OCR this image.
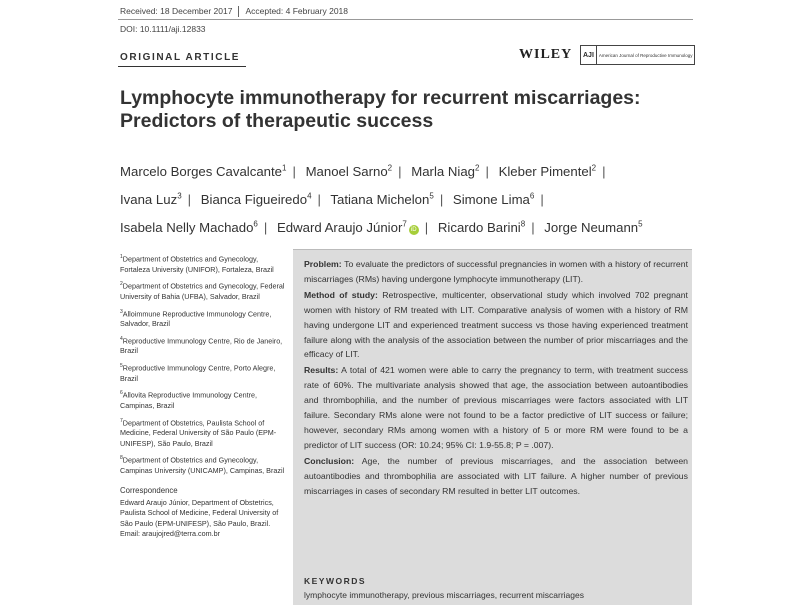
Received: 18 December 2017 Accepted: 4 February 2018
DOI: 10.1111/aji.12833
ORIGINAL ARTICLE	WILEY AJI	American Journal of Reproductive Immunology
Lymphocyte immunotherapy for recurrent miscarriages:
Predictors of therapeutic success
Marcelo Borges Cavalcante$^1$ | Manoel Sarno$^2$ | Marla Niag$^2$ | Kleber Pimentel$^2$ |
Ivana Luz$^3$ | Bianca Figueiredo$^4$ | Tatiana Michelon$^5$ | Simone Lima$^6$ |
Isabela Nelly Machado$^6$ | Edward Araujo Júnior$^7$iD | Ricardo Barini$^8$ | Jorge Neumann$^5$
$^1$Department of Obstetrics and Gynecology, Fortaleza University (UNIFOR), Fortaleza, Brazil
$^2$Department of Obstetrics and Gynecology, Federal University of Bahia (UFBA), Salvador, Brazil
$^3$Alloimmune Reproductive Immunology Centre, Salvador, Brazil
$^4$Reproductive Immunology Centre, Rio de Janeiro, Brazil
$^5$Reproductive Immunology Centre, Porto Alegre, Brazil
$^6$Allovita Reproductive Immunology Centre, Campinas, Brazil
$^7$Department of Obstetrics, Paulista School of Medicine, Federal University of São Paulo (EPM-UNIFESP), São Paulo, Brazil
$^8$Department of Obstetrics and Gynecology, Campinas University (UNICAMP), Campinas, Brazil
Correspondence
Edward Araujo Júnior, Department of Obstetrics, Paulista School of Medicine, Federal University of São Paulo (EPM-UNIFESP), São Paulo, Brazil.
Email: araujojred@terra.com.br

Problem: To evaluate the predictors of successful pregnancies in women with a history of recurrent miscarriages (RMs) having undergone lymphocyte immunotherapy (LIT).

Method of study: Retrospective, multicenter, observational study which involved 702 pregnant women with history of RM treated with LIT. Comparative analysis of women with a history of RM having undergone LIT and experienced treatment success vs those having experienced treatment failure along with the analysis of the association between the number of prior miscarriages and the efficacy of LIT.

Results: A total of 421 women were able to carry the pregnancy to term, with treatment success rate of 60%. The multivariate analysis showed that age, the association between autoantibodies and thrombophilia, and the number of previous miscarriages were factors associated with LIT failure. Secondary RMs alone were not found to be a factor predictive of LIT success or failure; however, secondary RMs among women with a history of 5 or more RM were found to be a predictor of LIT success (OR: 10.24; 95% CI: 1.9-55.8; P = .007).

Conclusion: Age, the number of previous miscarriages, and the association between autoantibodies and thrombophilia are associated with LIT failure. A higher number of previous miscarriages in cases of secondary RM resulted in better LIT outcomes.

KEYWORDS
lymphocyte immunotherapy, previous miscarriages, recurrent miscarriages
